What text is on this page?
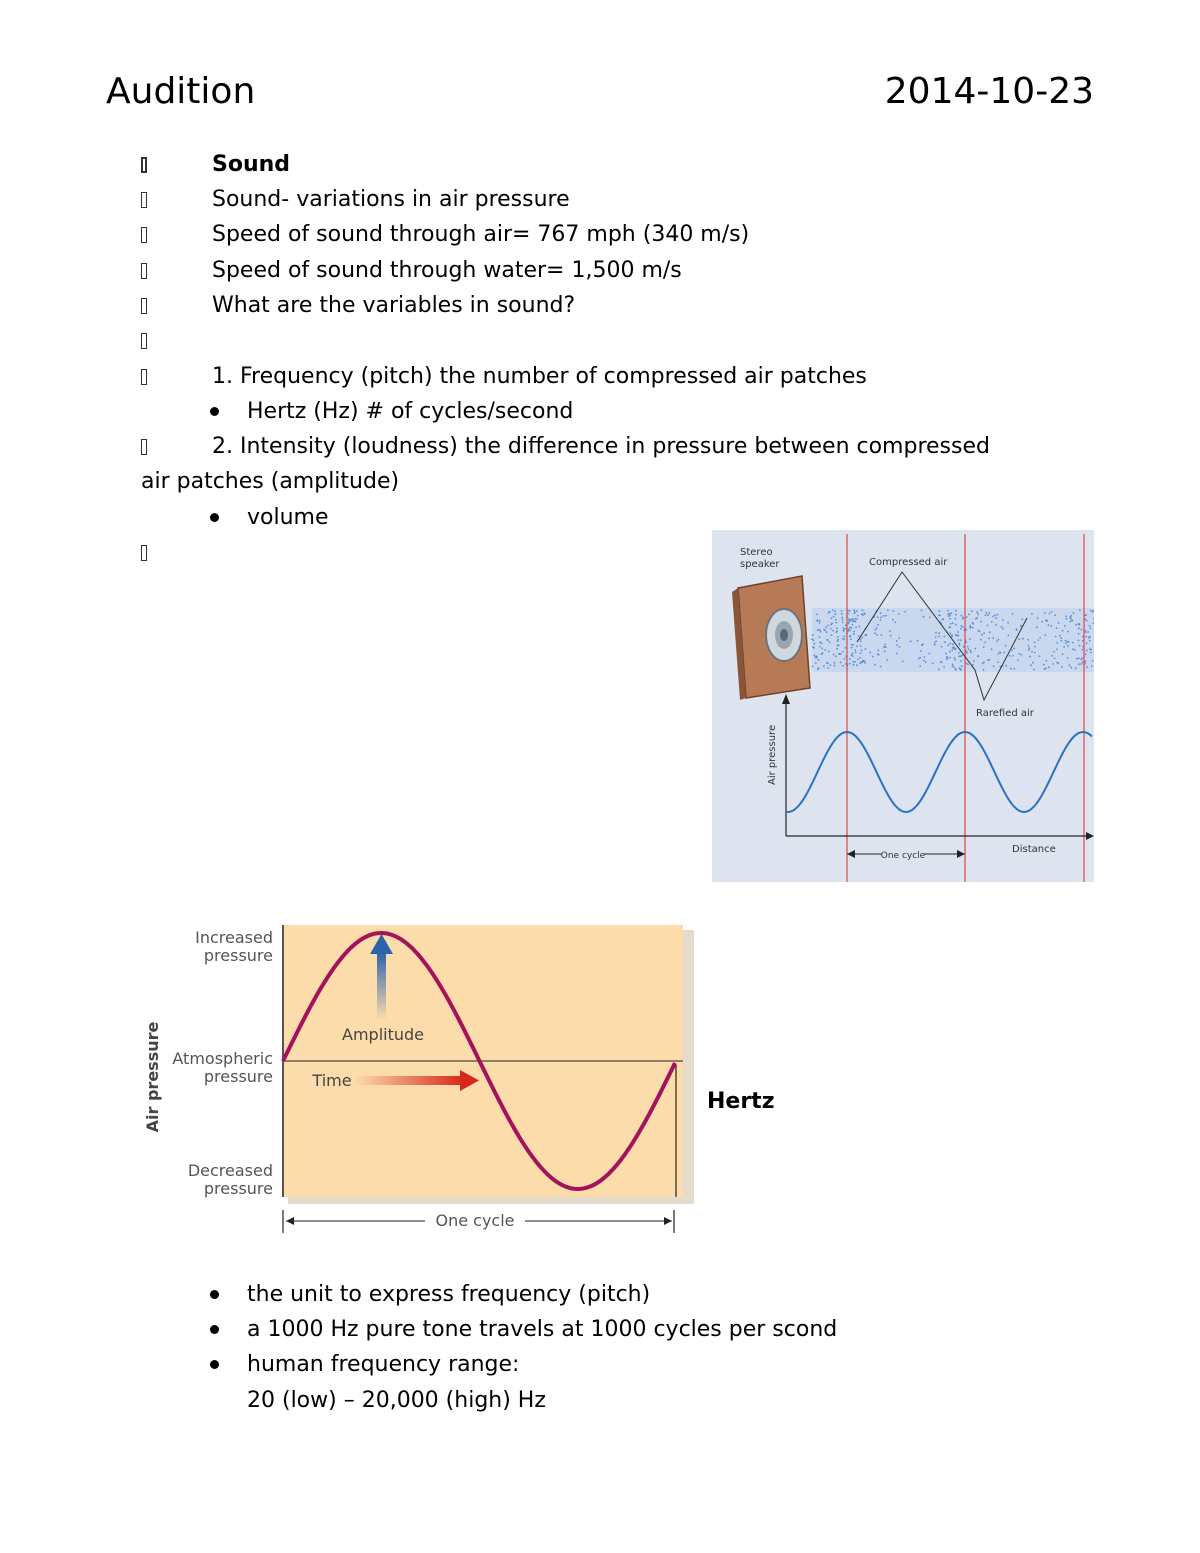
Audition	2014-10-23
Sound
Sound- variations in air pressure
Speed of sound through air= 767 mph (340 m/s)
Speed of sound through water= 1,500 m/s
What are the variables in sound?
1. Frequency (pitch) the number of compressed air patches
Hertz (Hz) # of cycles/second
2. Intensity (loudness) the difference in pressure between compressed
air patches (amplitude)
volume
Stereo speaker	Compressed air
Rarefied air
Air pressure
One cycle
Distance
One cycle
Increased pressure
Atmospheric pressure
Decreased pressure
Amplitude
Time
Air pressure	Hertz
the unit to express frequency (pitch)
a 1000 Hz pure tone travels at 1000 cycles per scond
human frequency range:
20 (low) – 20,000 (high) Hz
